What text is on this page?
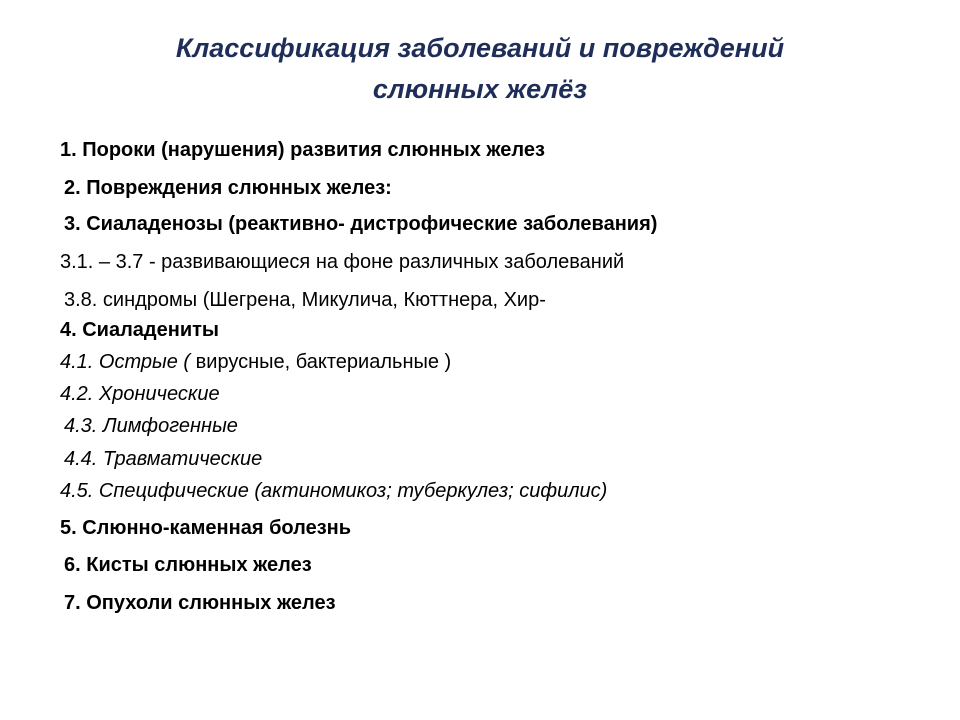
Классификация заболеваний и повреждений
слюнных желёз
1. Пороки (нарушения) развития слюнных желез
2. Повреждения слюнных желез:
3. Сиаладенозы (реактивно- дистрофические заболевания)
3.1. – 3.7 - развивающиеся на фоне различных заболеваний
3.8. синдромы (Шегрена, Микулича, Кюттнера, Хир-
4. Сиаладениты
4.1. Острые ( вирусные, бактериальные )
4.2. Хронические
4.3. Лимфогенные
4.4. Травматические
4.5. Специфические (актиномикоз; туберкулез; сифилис)
5. Слюнно-каменная болезнь
6. Кисты слюнных желез
7. Опухоли слюнных желез
